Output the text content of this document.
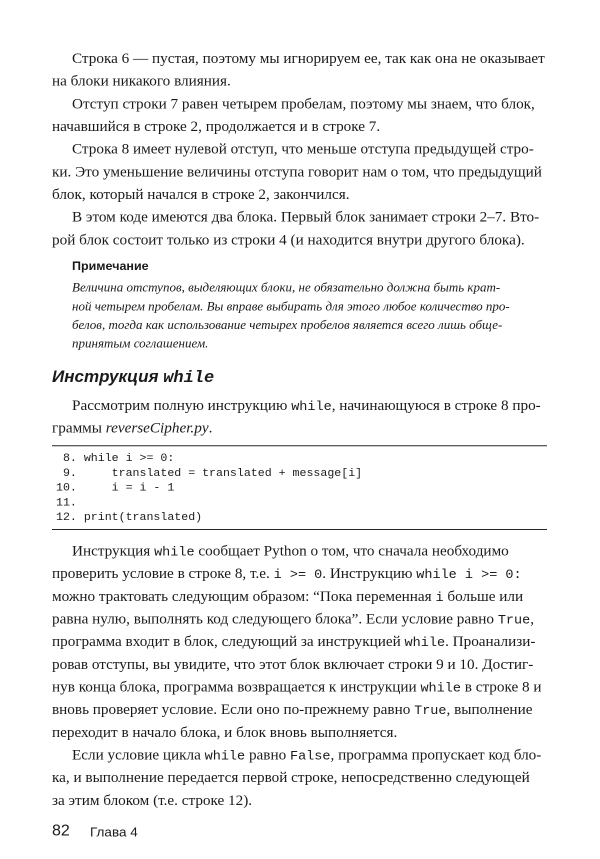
Строка 6 — пустая, поэтому мы игнорируем ее, так как она не оказывает

на блоки никакого влияния.

Отступ строки 7 равен четырем пробелам, поэтому мы знаем, что блок,

начавшийся в строке 2, продолжается и в строке 7.

Строка 8 имеет нулевой отступ, что меньше отступа предыдущей стро-

ки. Это уменьшение величины отступа говорит нам о том, что предыдущий

блок, который начался в строке 2, закончился.

В этом коде имеются два блока. Первый блок занимает строки 2–7. Вто-

рой блок состоит только из строки 4 (и находится внутри другого блока).

Примечание

Величина отступов, выделяющих блоки, не обязательно должна быть крат-

ной четырем пробелам. Вы вправе выбирать для этого любое количество про-

белов, тогда как использование четырех пробелов является всего лишь обще-

принятым соглашением.

Инструкция while

Рассмотрим полную инструкцию while, начинающуюся в строке 8 про-

граммы reverseCipher.py.

8. while i >= 0:

9.     translated = translated + message[i]

10.     i = i - 1

11.

12. print(translated)

Инструкция while сообщает Python о том, что сначала необходимо

проверить условие в строке 8, т.е. i >= 0. Инструкцию while i >= 0:

можно трактовать следующим образом: “Пока переменная i больше или

равна нулю, выполнять код следующего блока”. Если условие равно True,

программа входит в блок, следующий за инструкцией while. Проанализи-

ровав отступы, вы увидите, что этот блок включает строки 9 и 10. Достиг-

нув конца блока, программа возвращается к инструкции while в строке 8 и

вновь проверяет условие. Если оно по-прежнему равно True, выполнение

переходит в начало блока, и блок вновь выполняется.

Если условие цикла while равно False, программа пропускает код бло-

ка, и выполнение передается первой строке, непосредственно следующей

за этим блоком (т.е. строке 12).

82 Глава 4
